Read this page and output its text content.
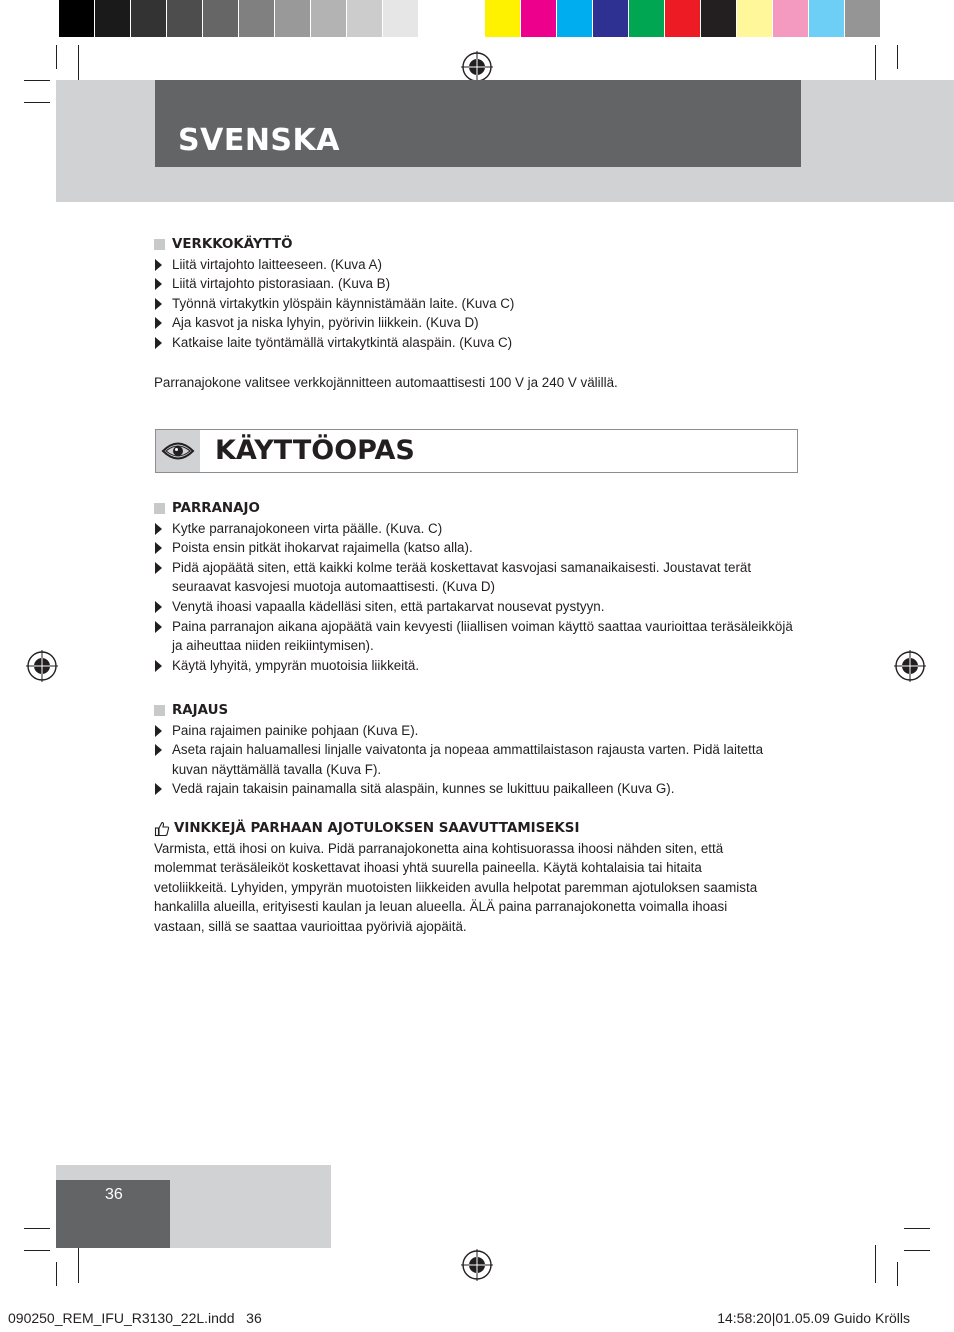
SVENSKA
VERKKOKÄYTTÖ
Liitä virtajohto laitteeseen. (Kuva A)
Liitä virtajohto pistorasiaan. (Kuva B)
Työnnä virtakytkin ylöspäin käynnistämään laite. (Kuva C)
Aja kasvot ja niska lyhyin, pyörivin liikkein. (Kuva D)
Katkaise laite työntämällä virtakytkintä alaspäin. (Kuva C)

Parranajokone valitsee verkkojännitteen automaattisesti 100 V ja 240 V välillä.

KÄYTTÖOPAS
PARRANAJO
Kytke parranajokoneen virta päälle. (Kuva. C)
Poista ensin pitkät ihokarvat rajaimella (katso alla).
Pidä ajopäätä siten, että kaikki kolme terää koskettavat kasvojasi samanaikaisesti. Joustavat terät seuraavat kasvojesi muotoja automaattisesti. (Kuva D)
Venytä ihoasi vapaalla kädelläsi siten, että partakarvat nousevat pystyyn.
Paina parranajon aikana ajopäätä vain kevyesti (liiallisen voiman käyttö saattaa vaurioittaa teräsäleikköjä ja aiheuttaa niiden reikiintymisen).
Käytä lyhyitä, ympyrän muotoisia liikkeitä.
RAJAUS
Paina rajaimen painike pohjaan (Kuva E).
Aseta rajain haluamallesi linjalle vaivatonta ja nopeaa ammattilaistason rajausta varten. Pidä laitetta kuvan näyttämällä tavalla (Kuva F).
Vedä rajain takaisin painamalla sitä alaspäin, kunnes se lukittuu paikalleen (Kuva G).
VINKKEJÄ PARHAAN AJOTULOKSEN SAAVUTTAMISEKSI

Varmista, että ihosi on kuiva. Pidä parranajokonetta aina kohtisuorassa ihoosi nähden siten, että molemmat teräsäleiköt koskettavat ihoasi yhtä suurella paineella. Käytä kohtalaisia tai hitaita vetoliikkeitä. Lyhyiden, ympyrän muotoisten liikkeiden avulla helpotat paremman ajotuloksen saamista hankalilla alueilla, erityisesti kaulan ja leuan alueella. ÄLÄ paina parranajokonetta voimalla ihoasi vastaan, sillä se saattaa vaurioittaa pyöriviä ajopäitä.

36
090250_REM_IFU_R3130_22L.indd   36	14:58:20|01.05.09 Guido Krölls
